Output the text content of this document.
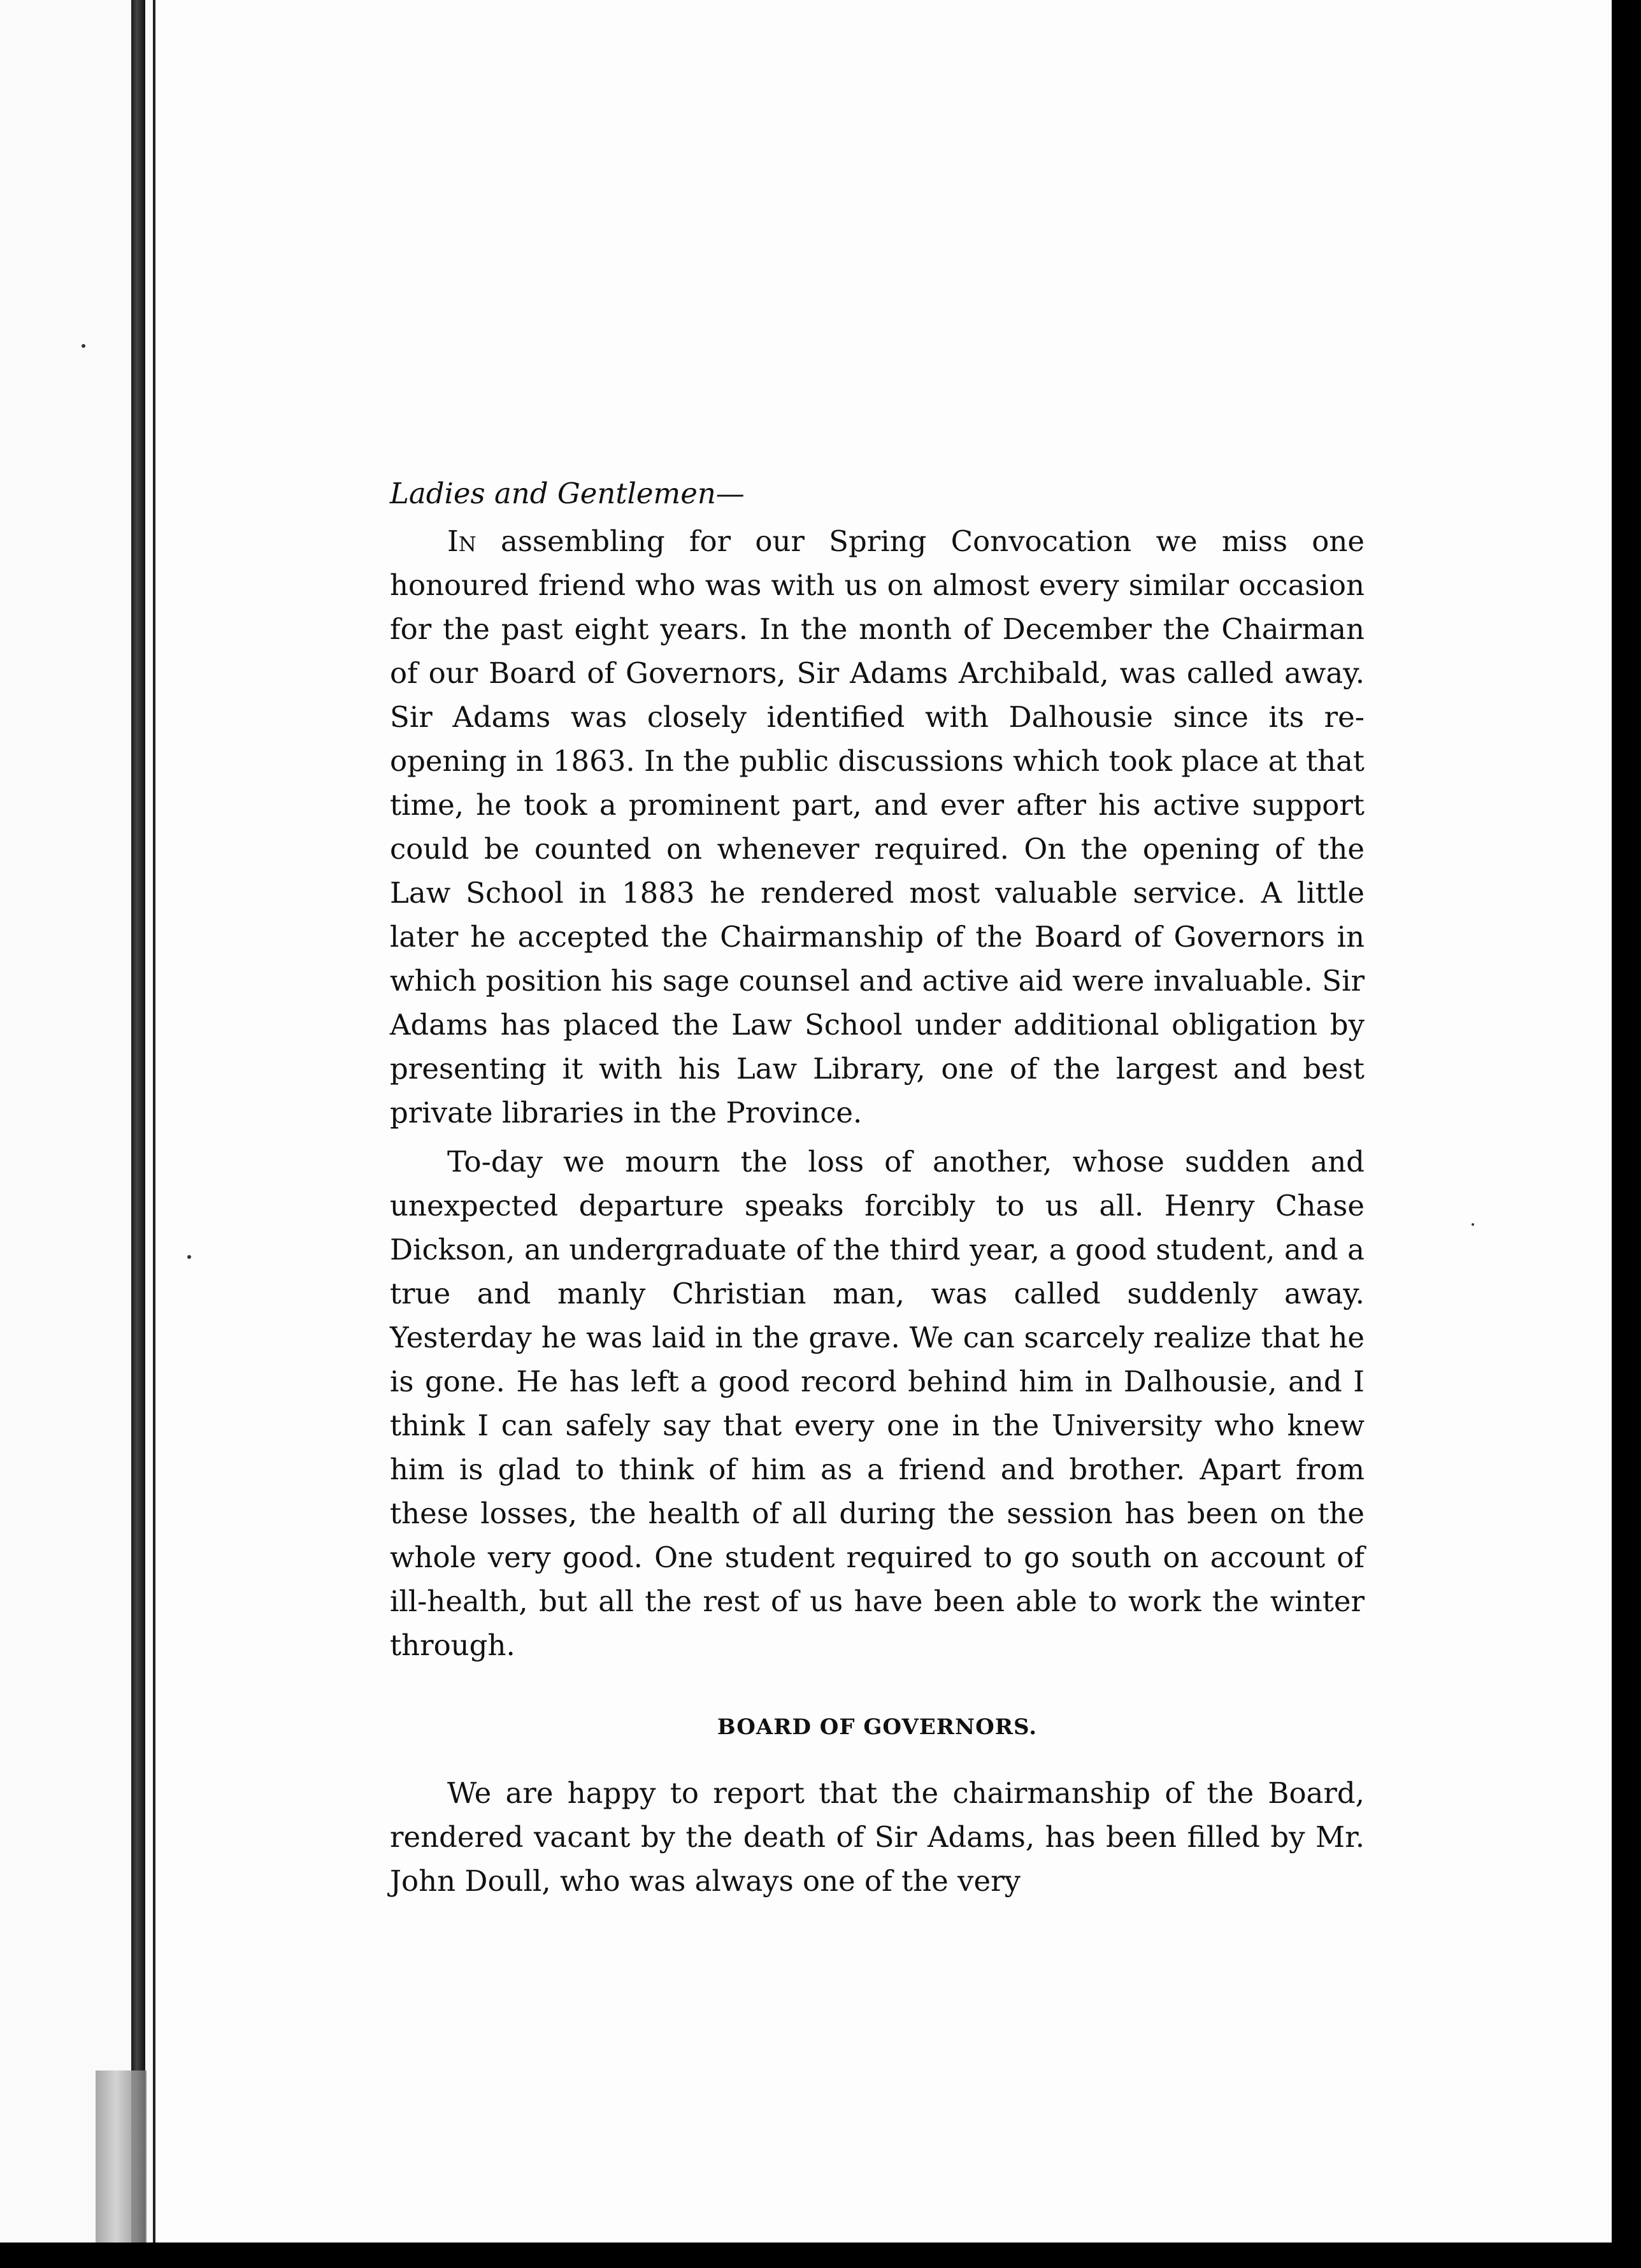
Ladies and Gentlemen—

In assembling for our Spring Convocation we miss one honoured friend who was with us on almost every similar occasion for the past eight years. In the month of December the Chairman of our Board of Governors, Sir Adams Archibald, was called away. Sir Adams was closely identified with Dalhousie since its re-opening in 1863. In the public discussions which took place at that time, he took a prominent part, and ever after his active support could be counted on whenever required. On the opening of the Law School in 1883 he rendered most valuable service. A little later he accepted the Chairmanship of the Board of Governors in which position his sage counsel and active aid were invaluable. Sir Adams has placed the Law School under additional obligation by presenting it with his Law Library, one of the largest and best private libraries in the Province.

To-day we mourn the loss of another, whose sudden and unexpected departure speaks forcibly to us all. Henry Chase Dickson, an undergraduate of the third year, a good student, and a true and manly Christian man, was called suddenly away. Yesterday he was laid in the grave. We can scarcely realize that he is gone. He has left a good record behind him in Dalhousie, and I think I can safely say that every one in the University who knew him is glad to think of him as a friend and brother. Apart from these losses, the health of all during the session has been on the whole very good. One student required to go south on account of ill-health, but all the rest of us have been able to work the winter through.

BOARD OF GOVERNORS.

We are happy to report that the chairmanship of the Board, rendered vacant by the death of Sir Adams, has been filled by Mr. John Doull, who was always one of the very
